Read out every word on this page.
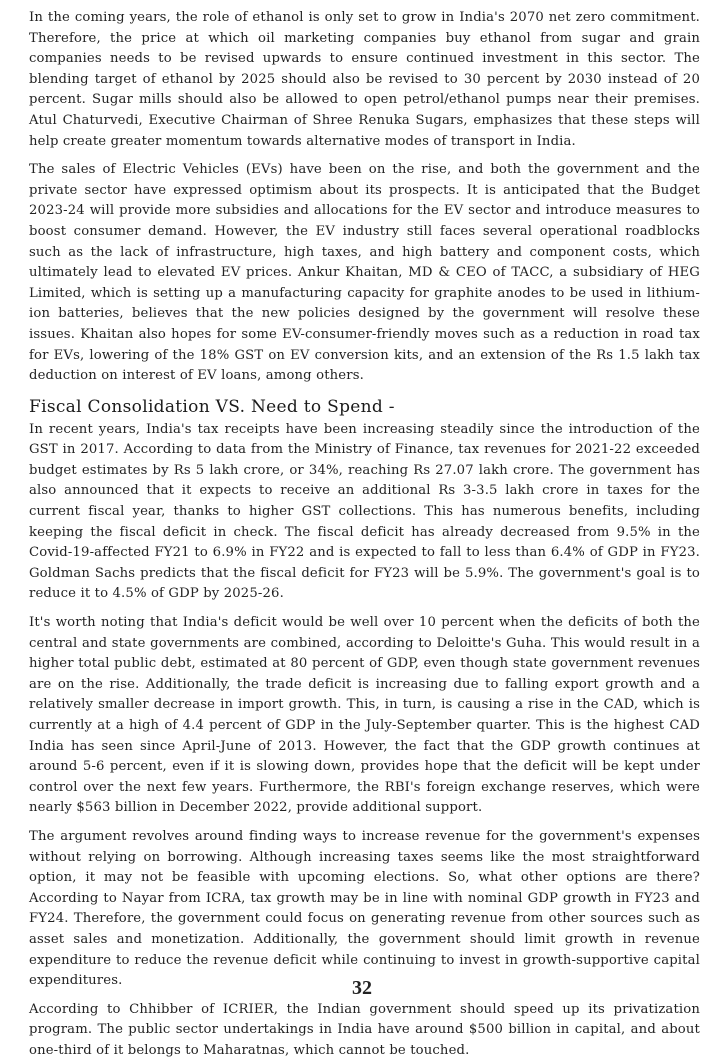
In the coming years, the role of ethanol is only set to grow in India's 2070 net zero commitment. Therefore, the price at which oil marketing companies buy ethanol from sugar and grain companies needs to be revised upwards to ensure continued investment in this sector. The blending target of ethanol by 2025 should also be revised to 30 percent by 2030 instead of 20 percent. Sugar mills should also be allowed to open petrol/ethanol pumps near their premises. Atul Chaturvedi, Executive Chairman of Shree Renuka Sugars, emphasizes that these steps will help create greater momentum towards alternative modes of transport in India.

The sales of Electric Vehicles (EVs) have been on the rise, and both the government and the private sector have expressed optimism about its prospects. It is anticipated that the Budget 2023-24 will provide more subsidies and allocations for the EV sector and introduce measures to boost consumer demand. However, the EV industry still faces several operational roadblocks such as the lack of infrastructure, high taxes, and high battery and component costs, which ultimately lead to elevated EV prices. Ankur Khaitan, MD & CEO of TACC, a subsidiary of HEG Limited, which is setting up a manufacturing capacity for graphite anodes to be used in lithium-ion batteries, believes that the new policies designed by the government will resolve these issues. Khaitan also hopes for some EV-consumer-friendly moves such as a reduction in road tax for EVs, lowering of the 18% GST on EV conversion kits, and an extension of the Rs 1.5 lakh tax deduction on interest of EV loans, among others.

Fiscal Consolidation VS. Need to Spend -

In recent years, India's tax receipts have been increasing steadily since the introduction of the GST in 2017. According to data from the Ministry of Finance, tax revenues for 2021-22 exceeded budget estimates by Rs 5 lakh crore, or 34%, reaching Rs 27.07 lakh crore. The government has also announced that it expects to receive an additional Rs 3-3.5 lakh crore in taxes for the current fiscal year, thanks to higher GST collections. This has numerous benefits, including keeping the fiscal deficit in check. The fiscal deficit has already decreased from 9.5% in the Covid-19-affected FY21 to 6.9% in FY22 and is expected to fall to less than 6.4% of GDP in FY23. Goldman Sachs predicts that the fiscal deficit for FY23 will be 5.9%. The government's goal is to reduce it to 4.5% of GDP by 2025-26.

It's worth noting that India's deficit would be well over 10 percent when the deficits of both the central and state governments are combined, according to Deloitte's Guha. This would result in a higher total public debt, estimated at 80 percent of GDP, even though state government revenues are on the rise. Additionally, the trade deficit is increasing due to falling export growth and a relatively smaller decrease in import growth. This, in turn, is causing a rise in the CAD, which is currently at a high of 4.4 percent of GDP in the July-September quarter. This is the highest CAD India has seen since April-June of 2013. However, the fact that the GDP growth continues at around 5-6 percent, even if it is slowing down, provides hope that the deficit will be kept under control over the next few years. Furthermore, the RBI's foreign exchange reserves, which were nearly $563 billion in December 2022, provide additional support.

The argument revolves around finding ways to increase revenue for the government's expenses without relying on borrowing. Although increasing taxes seems like the most straightforward option, it may not be feasible with upcoming elections. So, what other options are there? According to Nayar from ICRA, tax growth may be in line with nominal GDP growth in FY23 and FY24. Therefore, the government could focus on generating revenue from other sources such as asset sales and monetization. Additionally, the government should limit growth in revenue expenditure to reduce the revenue deficit while continuing to invest in growth-supportive capital expenditures.

According to Chhibber of ICRIER, the Indian government should speed up its privatization program. The public sector undertakings in India have around $500 billion in capital, and about one-third of it belongs to Maharatnas, which cannot be touched.

32
